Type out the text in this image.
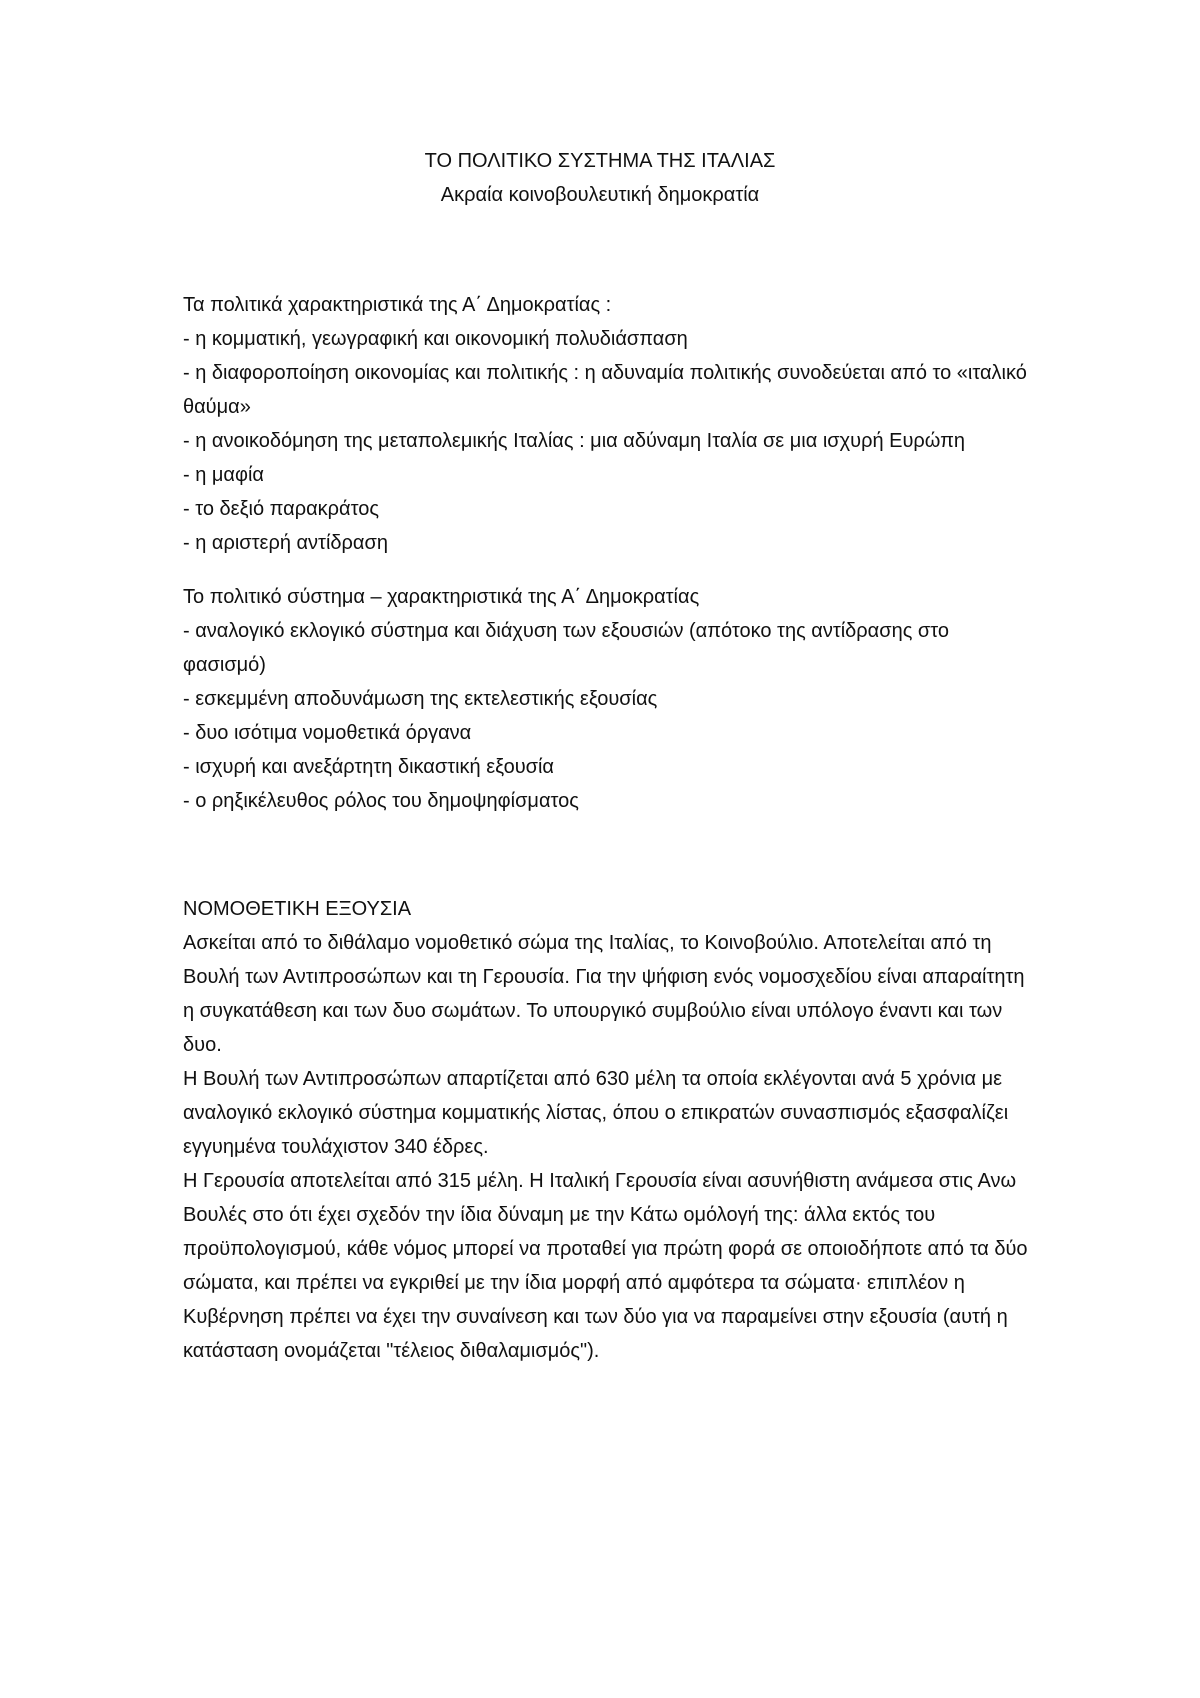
ΤΟ ΠΟΛΙΤΙΚΟ ΣΥΣΤΗΜΑ ΤΗΣ ΙΤΑΛΙΑΣ

Ακραία κοινοβουλευτική δημοκρατία

Τα πολιτικά χαρακτηριστικά της Α΄ Δημοκρατίας :

- η κομματική, γεωγραφική και οικονομική πολυδιάσπαση

- η διαφοροποίηση οικονομίας και πολιτικής : η αδυναμία πολιτικής συνοδεύεται από το «ιταλικό θαύμα»

- η ανοικοδόμηση της μεταπολεμικής Ιταλίας : μια αδύναμη Ιταλία σε μια ισχυρή Ευρώπη

- η μαφία

- το δεξιό παρακράτος

- η αριστερή αντίδραση

Το πολιτικό σύστημα – χαρακτηριστικά της Α΄ Δημοκρατίας

- αναλογικό εκλογικό σύστημα και διάχυση των εξουσιών (απότοκο της αντίδρασης στο φασισμό)

- εσκεμμένη αποδυνάμωση της εκτελεστικής εξουσίας

- δυο ισότιμα νομοθετικά όργανα

- ισχυρή και ανεξάρτητη δικαστική εξουσία

- ο ρηξικέλευθος ρόλος του δημοψηφίσματος

ΝΟΜΟΘΕΤΙΚΗ ΕΞΟΥΣΙΑ

Ασκείται από το διθάλαμο νομοθετικό σώμα της Ιταλίας, το Κοινοβούλιο. Αποτελείται από τη Βουλή των Αντιπροσώπων και τη Γερουσία. Για την ψήφιση ενός νομοσχεδίου είναι απαραίτητη η συγκατάθεση και των δυο σωμάτων. Το υπουργικό συμβούλιο είναι υπόλογο έναντι και των δυο.

Η Βουλή των Αντιπροσώπων απαρτίζεται από 630 μέλη τα οποία εκλέγονται ανά 5 χρόνια με αναλογικό εκλογικό σύστημα κομματικής λίστας, όπου ο επικρατών συνασπισμός εξασφαλίζει εγγυημένα τουλάχιστον 340 έδρες.

Η Γερουσία αποτελείται από 315 μέλη. Η Ιταλική Γερουσία είναι ασυνήθιστη ανάμεσα στις Ανω Βουλές στο ότι έχει σχεδόν την ίδια δύναμη με την Κάτω ομόλογή της: άλλα εκτός του προϋπολογισμού, κάθε νόμος μπορεί να προταθεί για πρώτη φορά σε οποιοδήποτε από τα δύο σώματα, και πρέπει να εγκριθεί με την ίδια μορφή από αμφότερα τα σώματα· επιπλέον η Κυβέρνηση πρέπει να έχει την συναίνεση και των δύο για να παραμείνει στην εξουσία (αυτή η κατάσταση ονομάζεται "τέλειος διθαλαμισμός").
